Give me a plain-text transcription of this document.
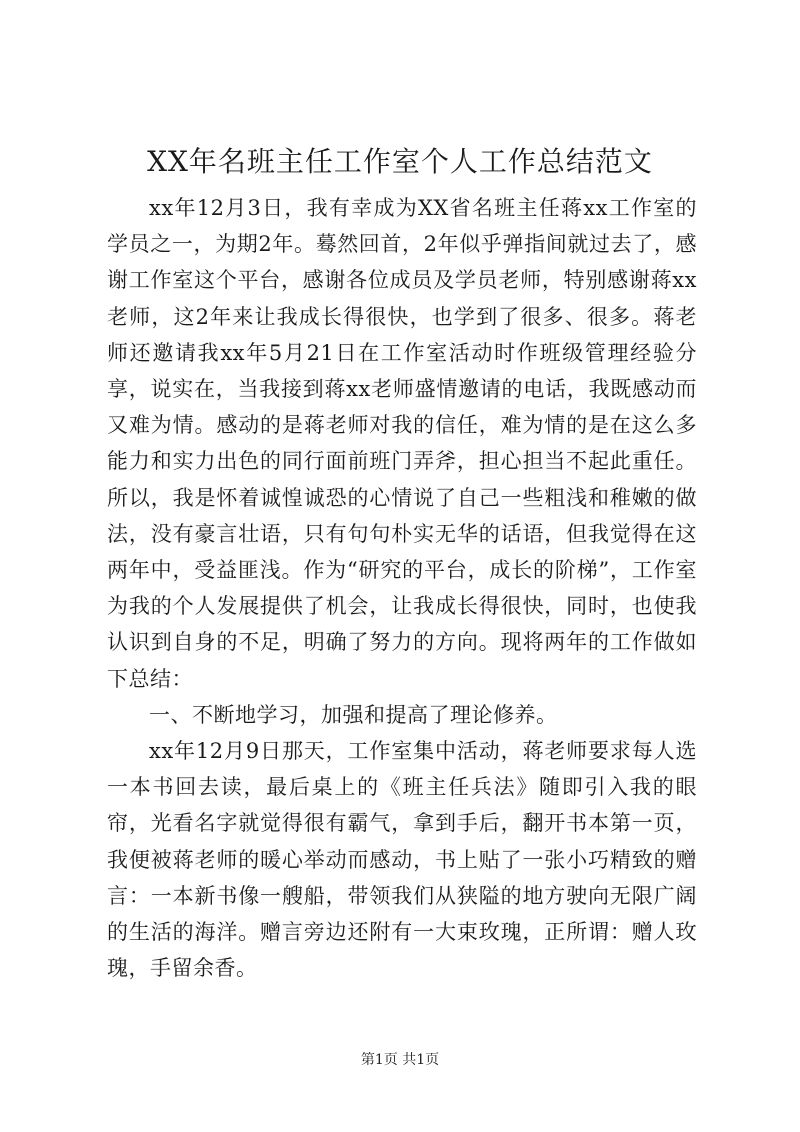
XX年名班主任工作室个人工作总结范文

xx年12月3日，我有幸成为XX省名班主任蒋xx工作室的学员之一，为期2年。蓦然回首，2年似乎弹指间就过去了，感谢工作室这个平台，感谢各位成员及学员老师，特别感谢蒋xx老师，这2年来让我成长得很快，也学到了很多、很多。蒋老师还邀请我xx年5月21日在工作室活动时作班级管理经验分享，说实在，当我接到蒋xx老师盛情邀请的电话，我既感动而又难为情。感动的是蒋老师对我的信任，难为情的是在这么多能力和实力出色的同行面前班门弄斧，担心担当不起此重任。所以，我是怀着诚惶诚恐的心情说了自己一些粗浅和稚嫩的做法，没有豪言壮语，只有句句朴实无华的话语，但我觉得在这两年中，受益匪浅。作为“研究的平台，成长的阶梯”，工作室为我的个人发展提供了机会，让我成长得很快，同时，也使我认识到自身的不足，明确了努力的方向。现将两年的工作做如下总结：

一、不断地学习，加强和提高了理论修养。

xx年12月9日那天，工作室集中活动，蒋老师要求每人选一本书回去读，最后桌上的《班主任兵法》随即引入我的眼帘，光看名字就觉得很有霸气，拿到手后，翻开书本第一页，我便被蒋老师的暖心举动而感动，书上贴了一张小巧精致的赠言：一本新书像一艘船，带领我们从狭隘的地方驶向无限广阔的生活的海洋。赠言旁边还附有一大束玫瑰，正所谓：赠人玫瑰，手留余香。

第1页 共1页
